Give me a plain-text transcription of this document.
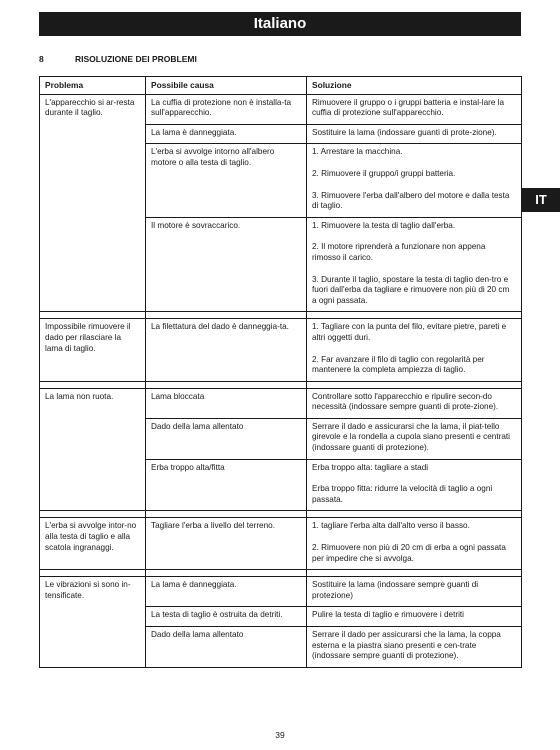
Italiano
IT
8	RISOLUZIONE DEI PROBLEMI
Problema	Possibile causa	Soluzione
L'apparecchio si ar-resta durante il taglio.	La cuffia di protezione non è installa-ta sull'apparecchio.	Rimuovere il gruppo o i gruppi batteria e instal-lare la cuffia di protezione sull'apparecchio.

	La lama è danneggiata.	Sostituire la lama (indossare guanti di prote-zione).

	L'erba si avvolge intorno all'albero motore o alla testa di taglio.	1. Arrestare la macchina.
2. Rimuovere il gruppo/i gruppi batteria.
3. Rimuovere l'erba dall'albero del motore e dalla testa di taglio.

	Il motore è sovraccarico.	1. Rimuovere la testa di taglio dall'erba.
2. Il motore riprenderà a funzionare non appena rimosso il carico.
3. Durante il taglio, spostare la testa di taglio den-tro e fuori dall'erba da tagliare e rimuovere non più di 20 cm a ogni passata.

Impossibile rimuovere il dado per rilasciare la lama di taglio.	La filettatura del dado è danneggia-ta.	1. Tagliare con la punta del filo, evitare pietre, pareti e altri oggetti duri.
2. Far avanzare il filo di taglio con regolarità per mantenere la completa ampiezza di taglio.

La lama non ruota.	Lama bloccata	Controllare sotto l'apparecchio e ripulire secon-do necessità (indossare sempre guanti di prote-zione).

	Dado della lama allentato	Serrare il dado e assicurarsi che la lama, il piat-tello girevole e la rondella a cupola siano presenti e centrati (indossare guanti di protezione).

	Erba troppo alta/fitta	Erba troppo alta: tagliare a stadi
Erba troppo fitta: ridurre la velocità di taglio a ogni passata.

L'erba si avvolge intor-no alla testa di taglio e alla scatola ingranaggi.	Tagliare l'erba a livello del terreno.	1. tagliare l'erba alta dall'alto verso il basso.
2. Rimuovere non più di 20 cm di erba a ogni passata per impedire che si avvolga.

Le vibrazioni si sono in-tensificate.	La lama è danneggiata.	Sostituire la lama (indossare sempre guanti di protezione)

	La testa di taglio è ostruita da detriti.	Pulire la testa di taglio e rimuovere i detriti

	Dado della lama allentato	Serrare il dado per assicurarsi che la lama, la coppa esterna e la piastra siano presenti e cen-trate (indossare sempre guanti di protezione).
39
